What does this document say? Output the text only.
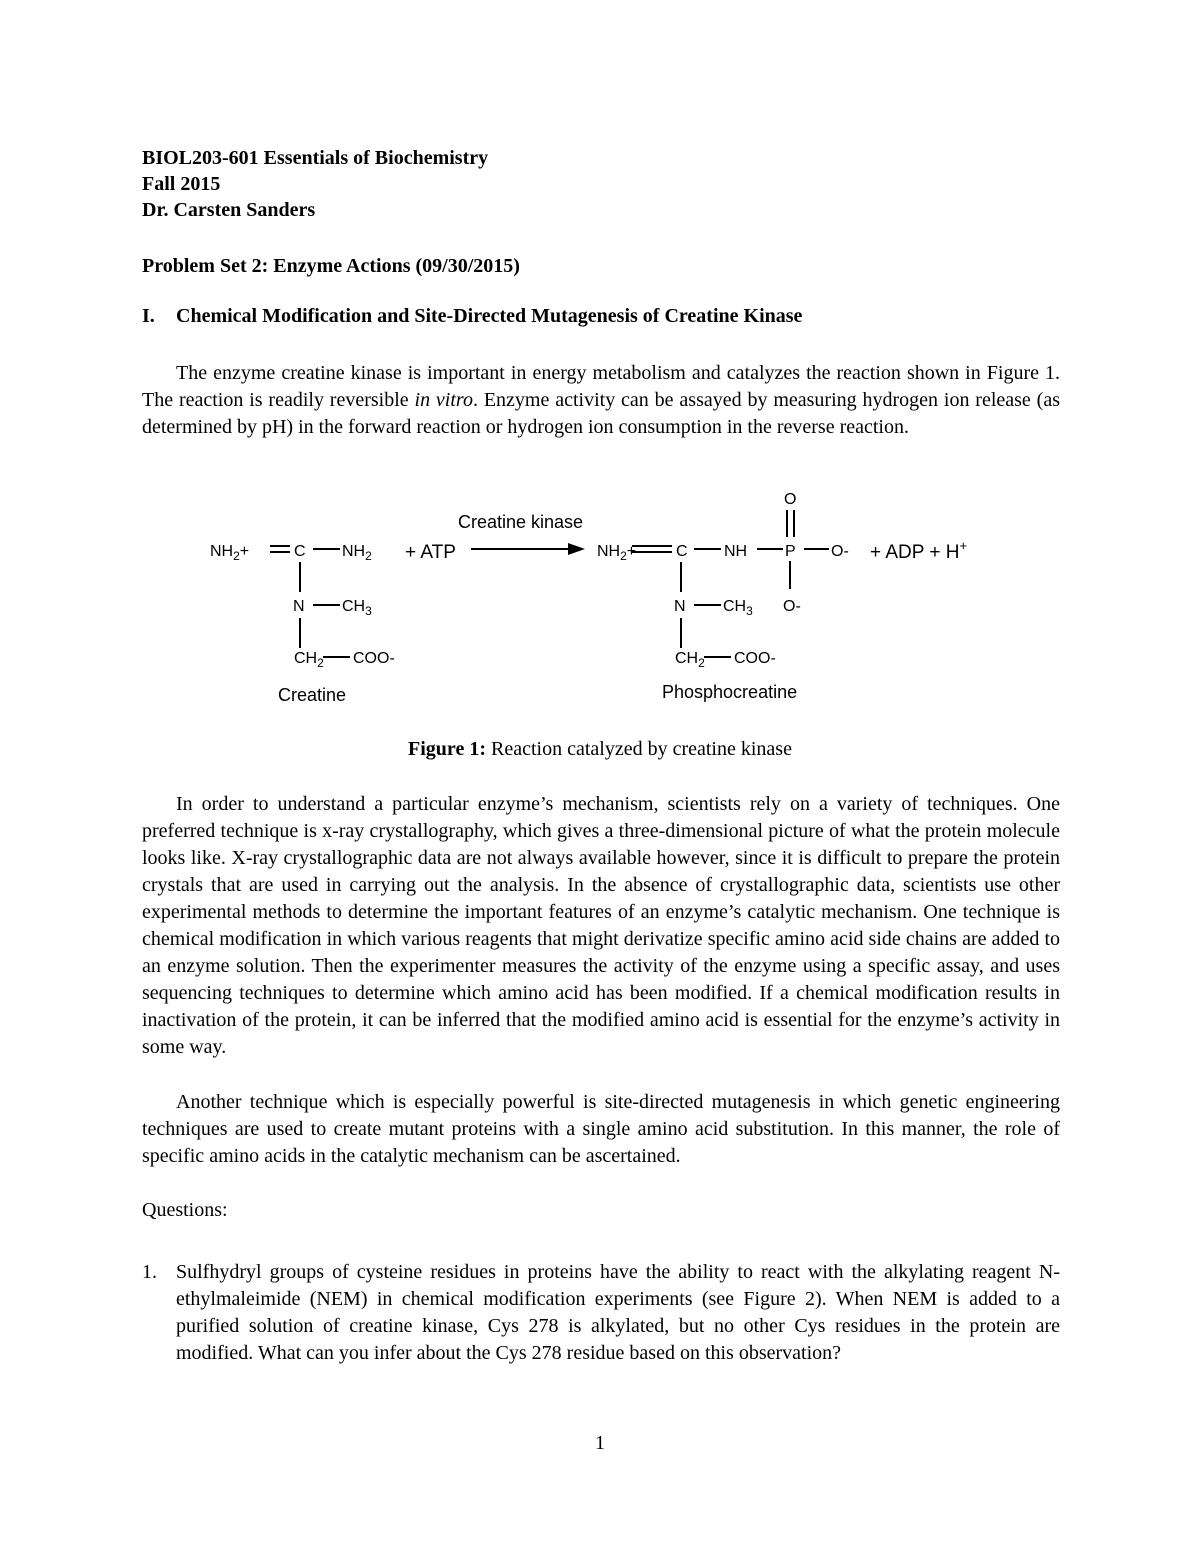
BIOL203-601 Essentials of Biochemistry
Fall 2015
Dr. Carsten Sanders
Problem Set 2: Enzyme Actions (09/30/2015)
I. Chemical Modification and Site-Directed Mutagenesis of Creatine Kinase

The enzyme creatine kinase is important in energy metabolism and catalyzes the reaction shown in Figure 1. The reaction is readily reversible in vitro. Enzyme activity can be assayed by measuring hydrogen ion release (as determined by pH) in the forward reaction or hydrogen ion consumption in the reverse reaction.

$NH_2+$	C $NH_2$
N $CH_3$
$CH_2$ COO-
Creatine
+ ATP
Creatine kinase
$NH_2+ C$ NH P
O
O-
O-
N $CH_3$
$CH_2$ COO-
Phosphocreatine
+ ADP + H+
Figure 1: Reaction catalyzed by creatine kinase

In order to understand a particular enzyme’s mechanism, scientists rely on a variety of techniques. One preferred technique is x-ray crystallography, which gives a three-dimensional picture of what the protein molecule looks like. X-ray crystallographic data are not always available however, since it is difficult to prepare the protein crystals that are used in carrying out the analysis. In the absence of crystallographic data, scientists use other experimental methods to determine the important features of an enzyme’s catalytic mechanism. One technique is chemical modification in which various reagents that might derivatize specific amino acid side chains are added to an enzyme solution. Then the experimenter measures the activity of the enzyme using a specific assay, and uses sequencing techniques to determine which amino acid has been modified. If a chemical modification results in inactivation of the protein, it can be inferred that the modified amino acid is essential for the enzyme’s activity in some way.

Another technique which is especially powerful is site-directed mutagenesis in which genetic engineering techniques are used to create mutant proteins with a single amino acid substitution. In this manner, the role of specific amino acids in the catalytic mechanism can be ascertained.

Questions:

1. Sulfhydryl groups of cysteine residues in proteins have the ability to react with the alkylating reagent N-ethylmaleimide (NEM) in chemical modification experiments (see Figure 2). When NEM is added to a purified solution of creatine kinase, Cys 278 is alkylated, but no other Cys residues in the protein are modified. What can you infer about the Cys 278 residue based on this observation?
1
